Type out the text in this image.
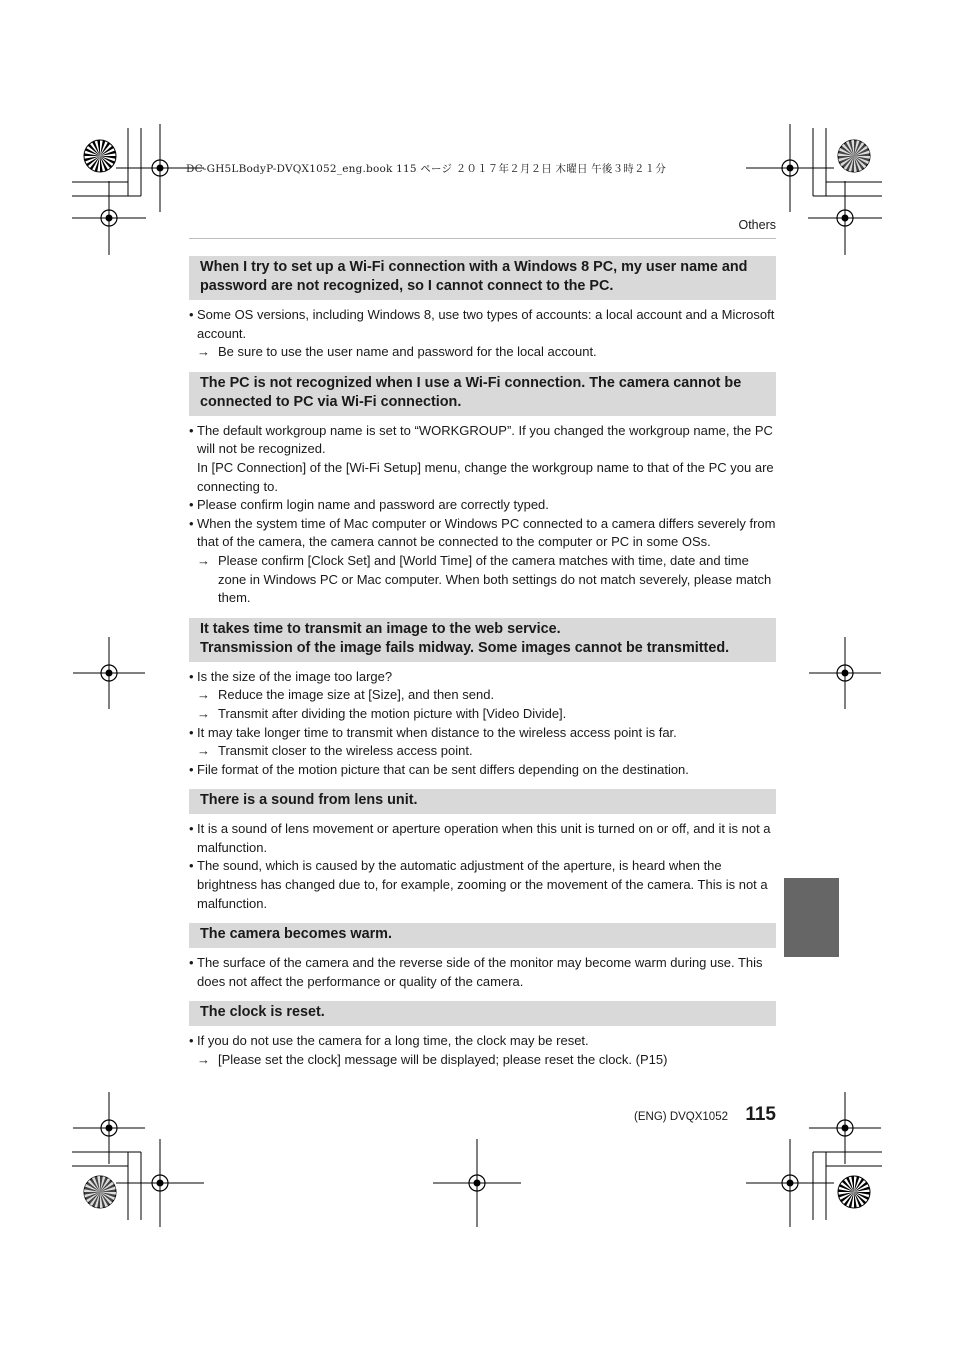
DC-GH5LBodyP-DVQX1052_eng.book 115 ページ ２０１７年２月２日 木曜日 午後３時２１分
Others
When I try to set up a Wi-Fi connection with a Windows 8 PC, my user name and password are not recognized, so I cannot connect to the PC.
• Some OS versions, including Windows 8, use two types of accounts: a local account and a Microsoft account.
→ Be sure to use the user name and password for the local account.
The PC is not recognized when I use a Wi-Fi connection. The camera cannot be connected to PC via Wi-Fi connection.
• The default workgroup name is set to “WORKGROUP”. If you changed the workgroup name, the PC will not be recognized.
In [PC Connection] of the [Wi-Fi Setup] menu, change the workgroup name to that of the PC you are connecting to.
• Please confirm login name and password are correctly typed.
• When the system time of Mac computer or Windows PC connected to a camera differs severely from that of the camera, the camera cannot be connected to the computer or PC in some OSs.
→ Please confirm [Clock Set] and [World Time] of the camera matches with time, date and time zone in Windows PC or Mac computer. When both settings do not match severely, please match them.
It takes time to transmit an image to the web service.
Transmission of the image fails midway. Some images cannot be transmitted.
• Is the size of the image too large?
→ Reduce the image size at [Size], and then send.
→ Transmit after dividing the motion picture with [Video Divide].
• It may take longer time to transmit when distance to the wireless access point is far.
→ Transmit closer to the wireless access point.
• File format of the motion picture that can be sent differs depending on the destination.
There is a sound from lens unit.
• It is a sound of lens movement or aperture operation when this unit is turned on or off, and it is not a malfunction.
• The sound, which is caused by the automatic adjustment of the aperture, is heard when the brightness has changed due to, for example, zooming or the movement of the camera. This is not a malfunction.
The camera becomes warm.
• The surface of the camera and the reverse side of the monitor may become warm during use. This does not affect the performance or quality of the camera.
The clock is reset.
• If you do not use the camera for a long time, the clock may be reset.
→ [Please set the clock] message will be displayed; please reset the clock. (P15)
(ENG) DVQX1052 115
